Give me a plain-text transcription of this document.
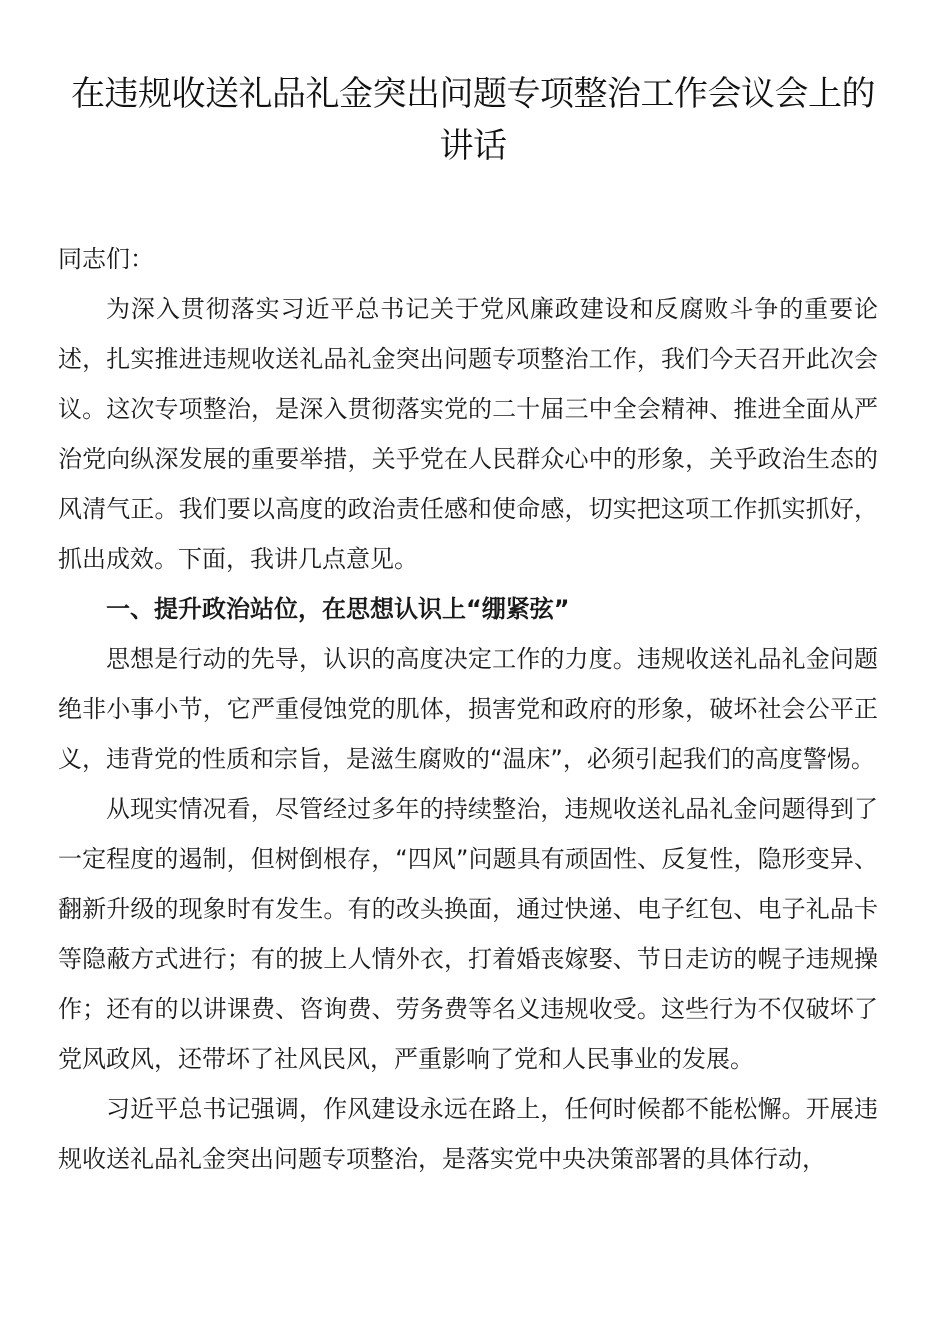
在违规收送礼品礼金突出问题专项整治工作会议会上的讲话

同志们：

为深入贯彻落实习近平总书记关于党风廉政建设和反腐败斗争的重要论述，扎实推进违规收送礼品礼金突出问题专项整治工作，我们今天召开此次会议。这次专项整治，是深入贯彻落实党的二十届三中全会精神、推进全面从严治党向纵深发展的重要举措，关乎党在人民群众心中的形象，关乎政治生态的风清气正。我们要以高度的政治责任感和使命感，切实把这项工作抓实抓好，抓出成效。下面，我讲几点意见。

一、提升政治站位，在思想认识上“绷紧弦”

思想是行动的先导，认识的高度决定工作的力度。违规收送礼品礼金问题绝非小事小节，它严重侵蚀党的肌体，损害党和政府的形象，破坏社会公平正义，违背党的性质和宗旨，是滋生腐败的“温床”，必须引起我们的高度警惕。

从现实情况看，尽管经过多年的持续整治，违规收送礼品礼金问题得到了一定程度的遏制，但树倒根存，“四风”问题具有顽固性、反复性，隐形变异、翻新升级的现象时有发生。有的改头换面，通过快递、电子红包、电子礼品卡等隐蔽方式进行；有的披上人情外衣，打着婚丧嫁娶、节日走访的幌子违规操作；还有的以讲课费、咨询费、劳务费等名义违规收受。这些行为不仅破坏了党风政风，还带坏了社风民风，严重影响了党和人民事业的发展。

习近平总书记强调，作风建设永远在路上，任何时候都不能松懈。开展违规收送礼品礼金突出问题专项整治，是落实党中央决策部署的具体行动，
